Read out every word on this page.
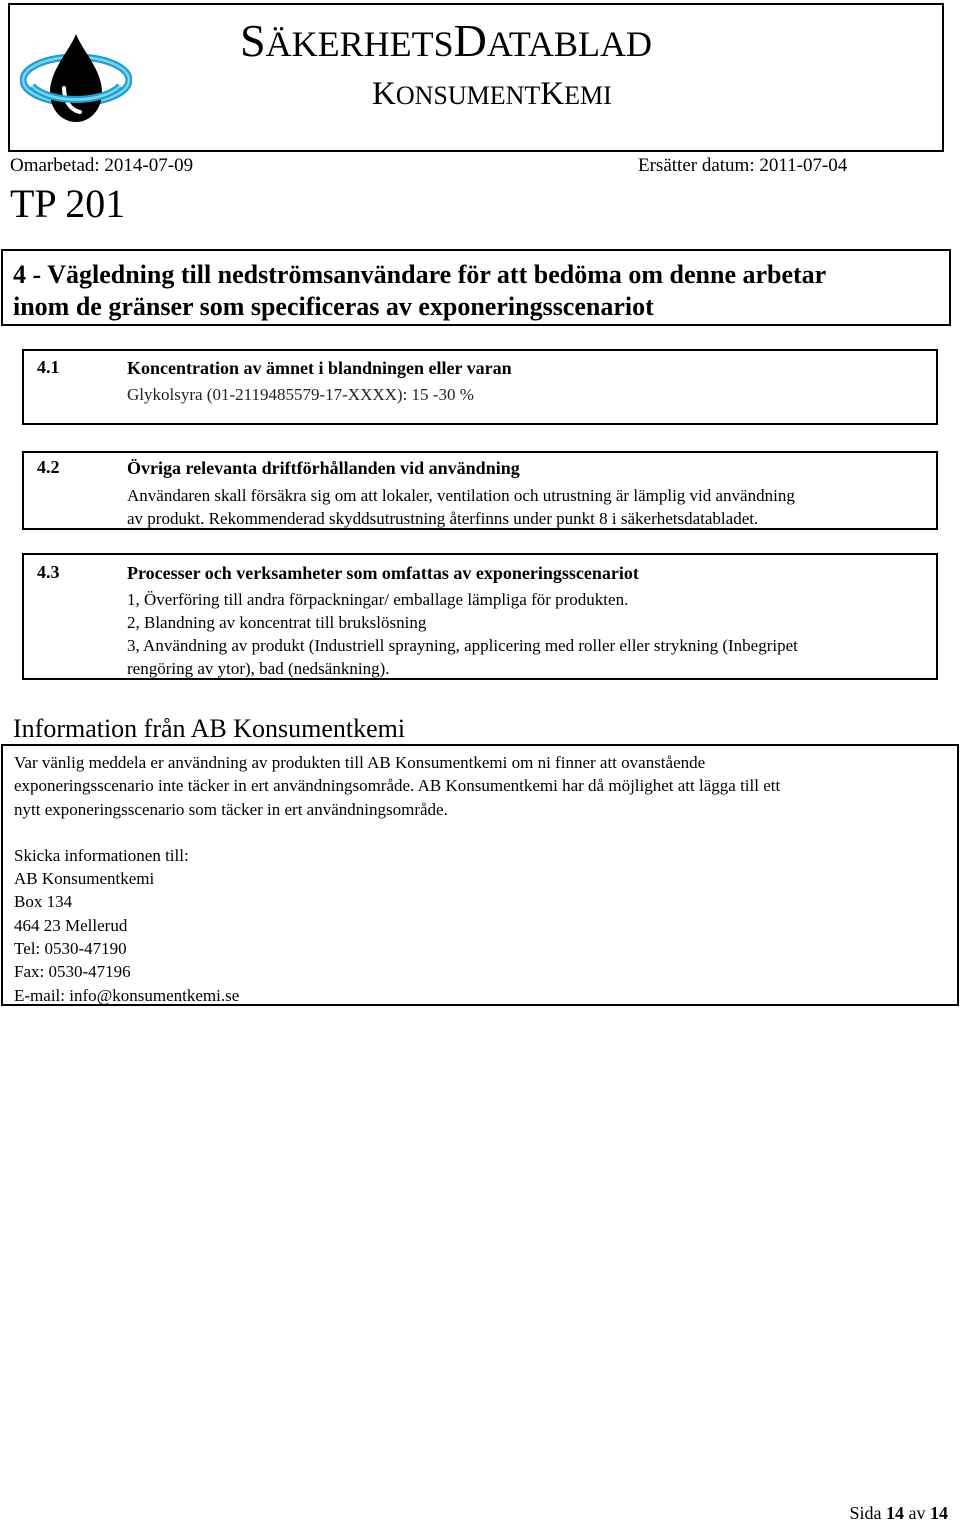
SÄKERHETSDATABLAD
KONSUMENTKEMI
Omarbetad: 2014-07-09	Ersätter datum: 2011-07-04
TP 201
4 - Vägledning till nedströmsanvändare för att bedöma om denne arbetar
inom de gränser som specificeras av exponeringsscenariot
4.1	Koncentration av ämnet i blandningen eller varan
Glykolsyra (01-2119485579-17-XXXX): 15 -30 %
4.2	Övriga relevanta driftförhållanden vid användning
Användaren skall försäkra sig om att lokaler, ventilation och utrustning är lämplig vid användning
av produkt. Rekommenderad skyddsutrustning återfinns under punkt 8 i säkerhetsdatabladet.
4.3	Processer och verksamheter som omfattas av exponeringsscenariot
1, Överföring till andra förpackningar/ emballage lämpliga för produkten.
2, Blandning av koncentrat till brukslösning
3, Användning av produkt (Industriell sprayning, applicering med roller eller strykning (Inbegripet
rengöring av ytor), bad (nedsänkning).
Information från AB Konsumentkemi
Var vänlig meddela er användning av produkten till AB Konsumentkemi om ni finner att ovanstående
exponeringsscenario inte täcker in ert användningsområde. AB Konsumentkemi har då möjlighet att lägga till ett
nytt exponeringsscenario som täcker in ert användningsområde.
Skicka informationen till:
AB Konsumentkemi
Box 134
464 23 Mellerud
Tel: 0530-47190
Fax: 0530-47196
E-mail: info@konsumentkemi.se
Sida 14 av 14
